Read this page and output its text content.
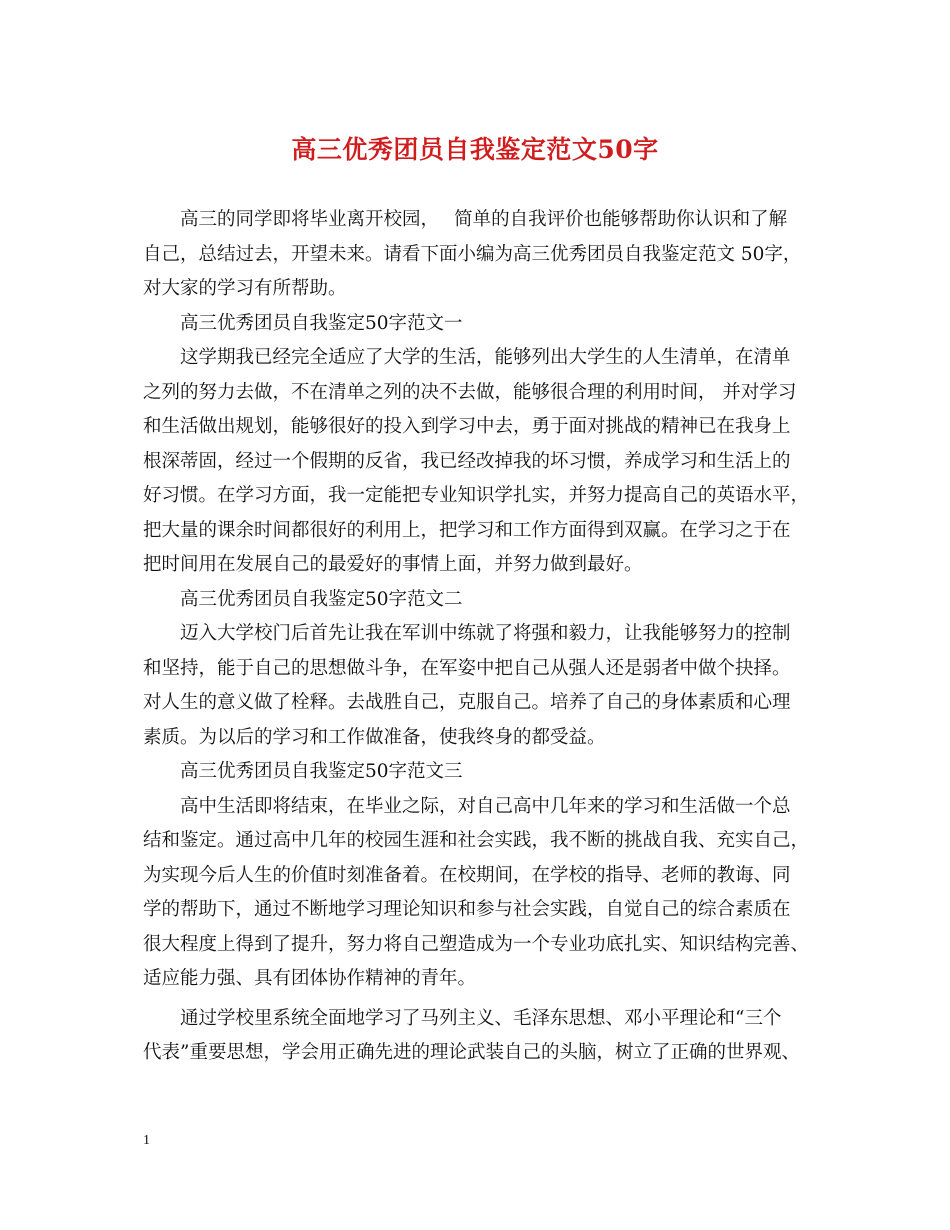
高三优秀团员自我鉴定范文50字
高三的同学即将毕业离开校园，　 简单的自我评价也能够帮助你认识和了解
自己，总结过去，开望未来。请看下面小编为高三优秀团员自我鉴定范文 50字，
对大家的学习有所帮助。
高三优秀团员自我鉴定50字范文一
这学期我已经完全适应了大学的生活，能够列出大学生的人生清单，在清单
之列的努力去做，不在清单之列的决不去做，能够很合理的利用时间， 并对学习
和生活做出规划，能够很好的投入到学习中去，勇于面对挑战的精神已在我身上
根深蒂固，经过一个假期的反省，我已经改掉我的坏习惯，养成学习和生活上的
好习惯。在学习方面，我一定能把专业知识学扎实，并努力提高自己的英语水平，
把大量的课余时间都很好的利用上，把学习和工作方面得到双赢。在学习之于在
把时间用在发展自己的最爱好的事情上面，并努力做到最好。
高三优秀团员自我鉴定50字范文二
迈入大学校门后首先让我在军训中练就了将强和毅力，让我能够努力的控制
和坚持，能于自己的思想做斗争，在军姿中把自己从强人还是弱者中做个抉择。
对人生的意义做了栓释。去战胜自己，克服自己。培养了自己的身体素质和心理
素质。为以后的学习和工作做准备，使我终身的都受益。
高三优秀团员自我鉴定50字范文三
高中生活即将结束，在毕业之际，对自己高中几年来的学习和生活做一个总
结和鉴定。通过高中几年的校园生涯和社会实践，我不断的挑战自我、充实自己，
为实现今后人生的价值时刻准备着。在校期间，在学校的指导、老师的教诲、同
学的帮助下，通过不断地学习理论知识和参与社会实践，自觉自己的综合素质在
很大程度上得到了提升，努力将自己塑造成为一个专业功底扎实、知识结构完善、
适应能力强、具有团体协作精神的青年。
通过学校里系统全面地学习了马列主义、毛泽东思想、邓小平理论和“三个
代表”重要思想，学会用正确先进的理论武装自己的头脑，树立了正确的世界观、
1
